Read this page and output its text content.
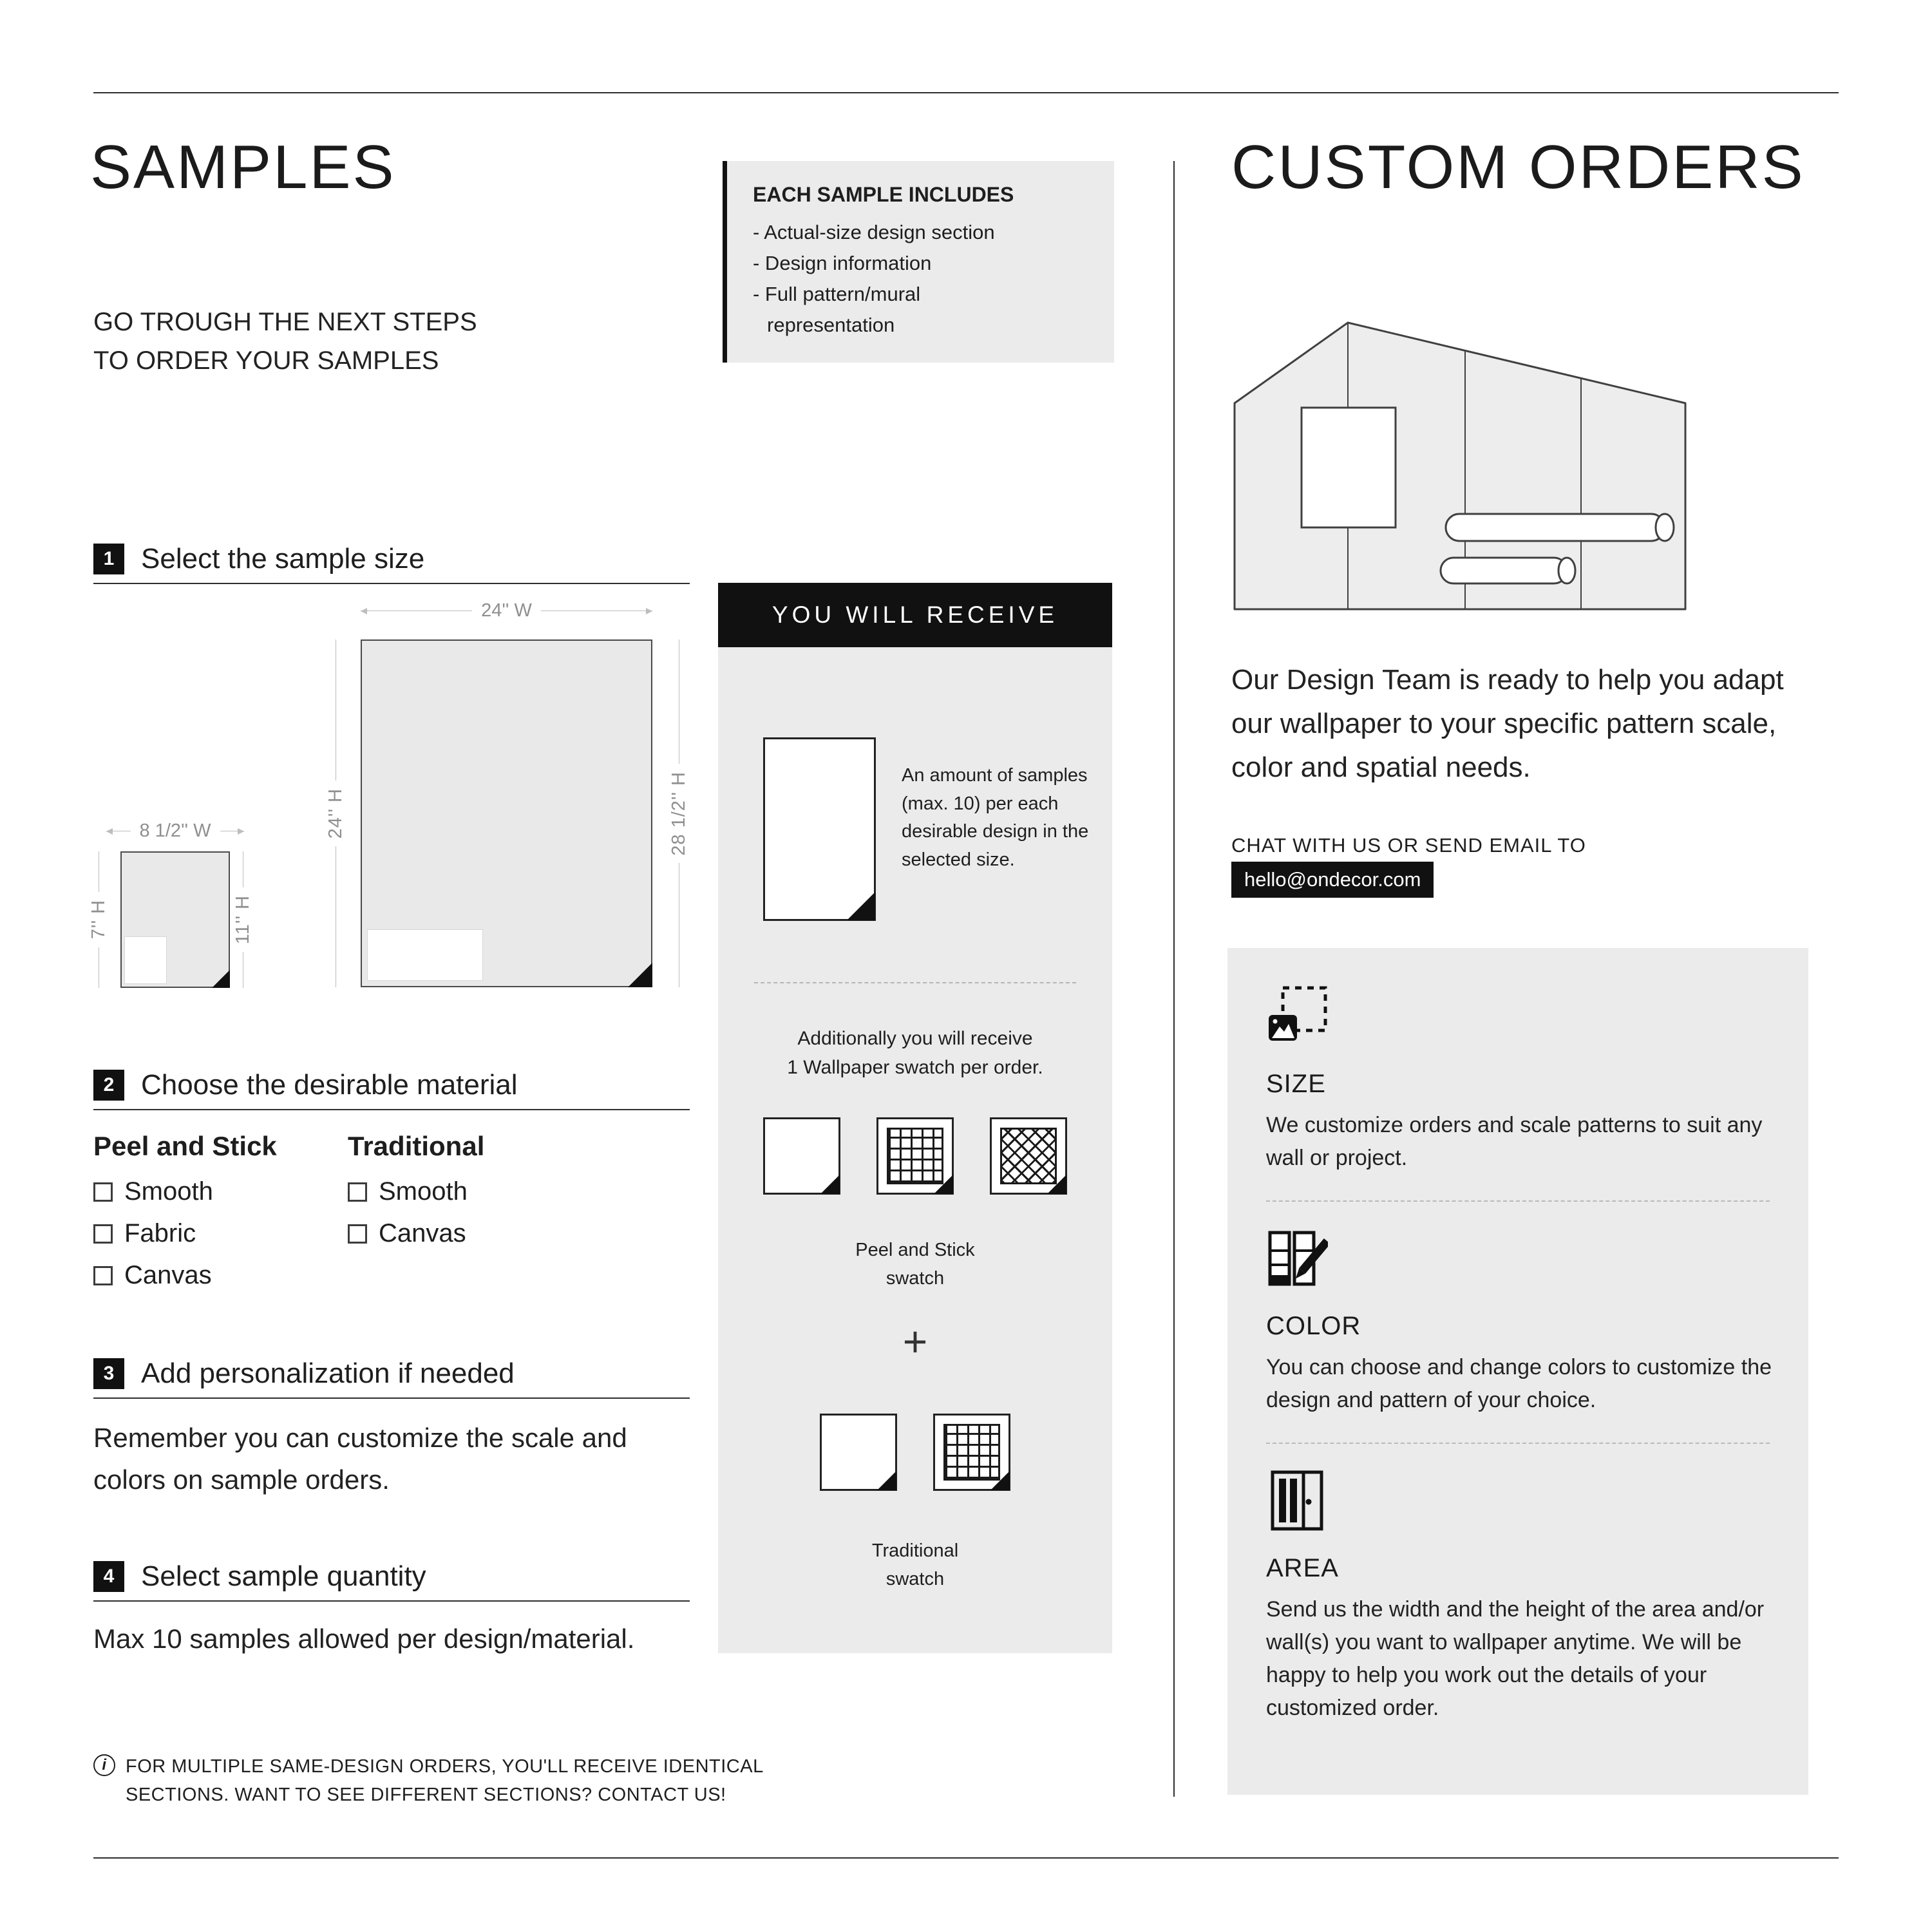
SAMPLES
GO TROUGH THE NEXT STEPS
TO ORDER YOUR SAMPLES
EACH SAMPLE INCLUDES
- Actual-size design section
- Design information
- Full pattern/mural
representation
1 Select the sample size
24'' W
8 1/2'' W	24'' H	28 1/2'' H
7'' H	11'' H
2 Choose the desirable material
Peel and Stick
Smooth
Fabric
Canvas
Traditional
Smooth
Canvas
3 Add personalization if needed
Remember you can customize the scale and colors on sample orders.
4 Select sample quantity
Max 10 samples allowed per design/material.
i	FOR MULTIPLE SAME-DESIGN ORDERS, YOU'LL RECEIVE IDENTICAL
SECTIONS. WANT TO SEE DIFFERENT SECTIONS? CONTACT US!
YOU WILL RECEIVE
An amount of samples (max. 10) per each desirable design in the selected size.
Additionally you will receive
1 Wallpaper swatch per order.
Peel and Stick
swatch
+
Traditional
swatch
CUSTOM ORDERS
Our Design Team is ready to help you adapt our wallpaper to your specific pattern scale, color and spatial needs.
CHAT WITH US OR SEND EMAIL TO
hello@ondecor.com
SIZE
We customize orders and scale patterns to suit any wall or project.
COLOR
You can choose and change colors to customize the design and pattern of your choice.
AREA
Send us the width and the height of the area and/or wall(s) you want to wallpaper anytime. We will be happy to help you work out the details of your customized order.
